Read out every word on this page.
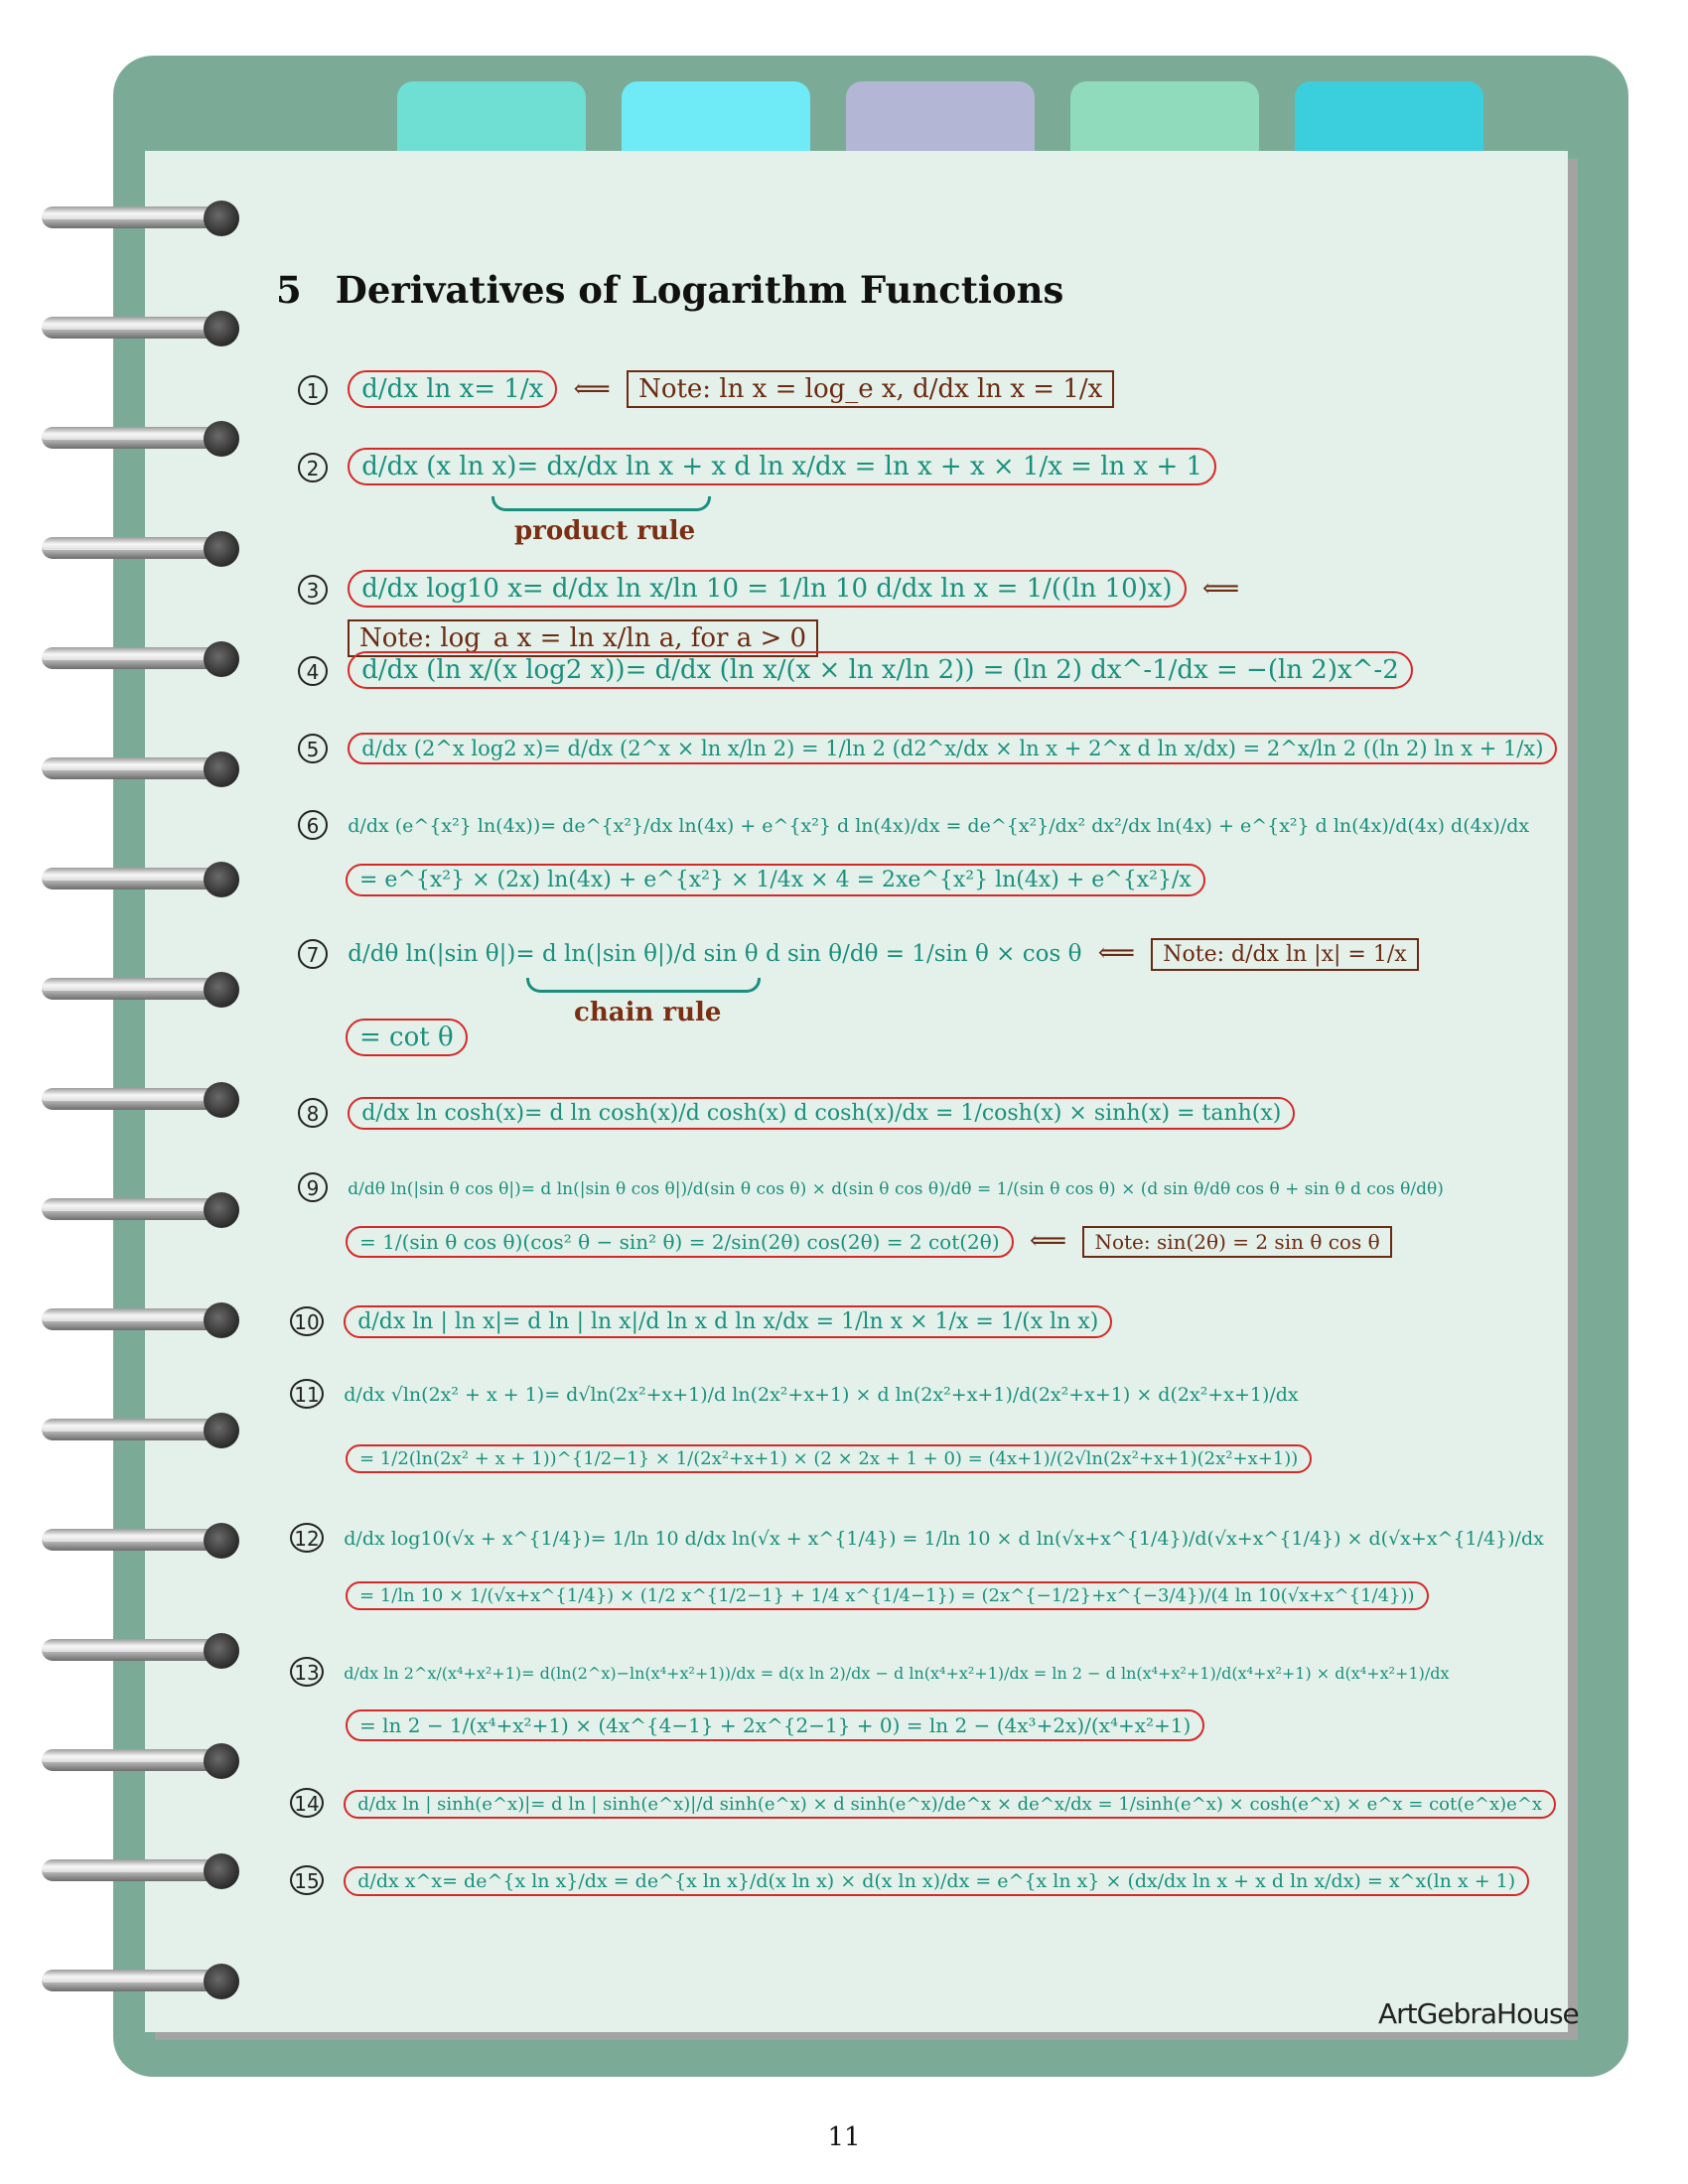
5 Derivatives of Logarithm Functions
1 d/dx ln x= 1/x ⟸ Note: ln x = log_e x, d/dx ln x = 1/x
2 d/dx (x ln x)= dx/dx ln x + x d ln x/dx = ln x + x × 1/x = ln x + 1
product rule
3 d/dx log10 x= d/dx ln x/ln 10 = 1/ln 10 d/dx ln x = 1/((ln 10)x) ⟸
Note: log_a x = ln x/ln a, for a > 0
4 d/dx (ln x/(x log2 x))= d/dx (ln x/(x × ln x/ln 2)) = (ln 2) dx^-1/dx = −(ln 2)x^-2
5 d/dx (2^x log2 x)= d/dx (2^x × ln x/ln 2) = 1/ln 2 (d2^x/dx × ln x + 2^x d ln x/dx) = 2^x/ln 2 ((ln 2) ln x + 1/x)
6 d/dx (e^{x²} ln(4x))= de^{x²}/dx ln(4x) + e^{x²} d ln(4x)/dx = de^{x²}/dx² dx²/dx ln(4x) + e^{x²} d ln(4x)/d(4x) d(4x)/dx
= e^{x²} × (2x) ln(4x) + e^{x²} × 1/4x × 4 = 2xe^{x²} ln(4x) + e^{x²}/x
7 d/dθ ln(|sin θ|)= d ln(|sin θ|)/d sin θ d sin θ/dθ = 1/sin θ × cos θ ⟸ Note: d/dx ln |x| = 1/x
chain rule
= cot θ
8 d/dx ln cosh(x)= d ln cosh(x)/d cosh(x) d cosh(x)/dx = 1/cosh(x) × sinh(x) = tanh(x)
9 d/dθ ln(|sin θ cos θ|)= d ln(|sin θ cos θ|)/d(sin θ cos θ) × d(sin θ cos θ)/dθ = 1/(sin θ cos θ) × (d sin θ/dθ cos θ + sin θ d cos θ/dθ)
= 1/(sin θ cos θ)(cos² θ − sin² θ) = 2/sin(2θ) cos(2θ) = 2 cot(2θ) ⟸ Note: sin(2θ) = 2 sin θ cos θ
10 d/dx ln | ln x|= d ln | ln x|/d ln x d ln x/dx = 1/ln x × 1/x = 1/(x ln x)
11 d/dx √ln(2x² + x + 1)= d√ln(2x²+x+1)/d ln(2x²+x+1) × d ln(2x²+x+1)/d(2x²+x+1) × d(2x²+x+1)/dx
= 1/2(ln(2x² + x + 1))^{1/2−1} × 1/(2x²+x+1) × (2 × 2x + 1 + 0) = (4x+1)/(2√ln(2x²+x+1)(2x²+x+1))
12 d/dx log10(√x + x^{1/4})= 1/ln 10 d/dx ln(√x + x^{1/4}) = 1/ln 10 × d ln(√x+x^{1/4})/d(√x+x^{1/4}) × d(√x+x^{1/4})/dx
= 1/ln 10 × 1/(√x+x^{1/4}) × (1/2 x^{1/2−1} + 1/4 x^{1/4−1}) = (2x^{−1/2}+x^{−3/4})/(4 ln 10(√x+x^{1/4}))
13 d/dx ln 2^x/(x⁴+x²+1)= d(ln(2^x)−ln(x⁴+x²+1))/dx = d(x ln 2)/dx − d ln(x⁴+x²+1)/dx = ln 2 − d ln(x⁴+x²+1)/d(x⁴+x²+1) × d(x⁴+x²+1)/dx
= ln 2 − 1/(x⁴+x²+1) × (4x^{4−1} + 2x^{2−1} + 0) = ln 2 − (4x³+2x)/(x⁴+x²+1)
14 d/dx ln | sinh(e^x)|= d ln | sinh(e^x)|/d sinh(e^x) × d sinh(e^x)/de^x × de^x/dx = 1/sinh(e^x) × cosh(e^x) × e^x = cot(e^x)e^x
15 d/dx x^x= de^{x ln x}/dx = de^{x ln x}/d(x ln x) × d(x ln x)/dx = e^{x ln x} × (dx/dx ln x + x d ln x/dx) = x^x(ln x + 1)
ArtGebraHouse
11
